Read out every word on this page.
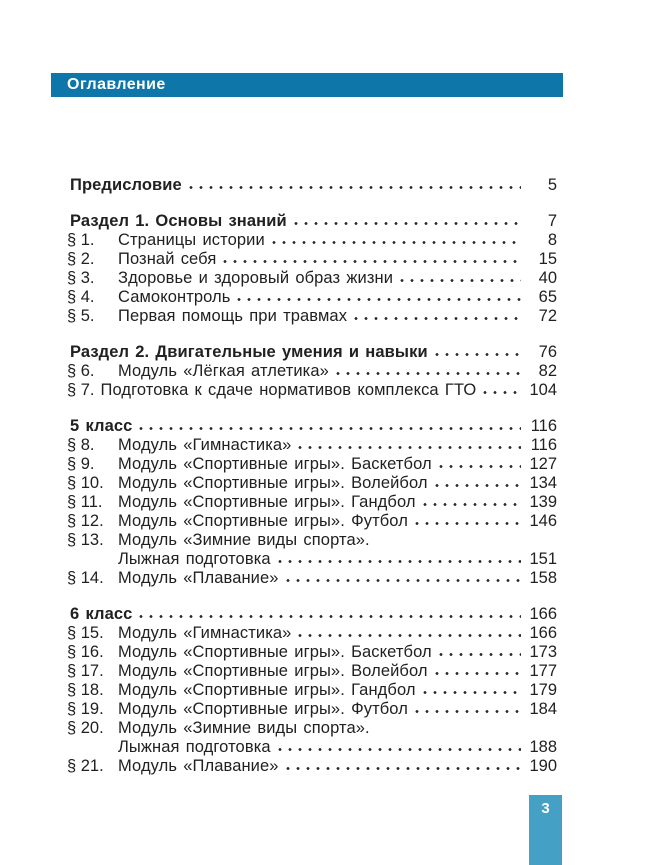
Оглавление
Предисловие	5
Раздел 1. Основы знаний	7
§ 1.	Страницы истории	8
§ 2.	Познай себя	15
§ 3.	Здоровье и здоровый образ жизни	40
§ 4.	Самоконтроль	65
§ 5.	Первая помощь при травмах	72
Раздел 2. Двигательные умения и навыки	76
§ 6.	Модуль «Лёгкая атлетика»	82
§ 7. Подготовка к сдаче нормативов комплекса ГТО	104
5 класс	116
§ 8.	Модуль «Гимнастика»	116
§ 9.	Модуль «Спортивные игры». Баскетбол	127
§ 10. Модуль «Спортивные игры». Волейбол	134
§ 11. Модуль «Спортивные игры». Гандбол	139
§ 12. Модуль «Спортивные игры». Футбол	146
§ 13. Модуль «Зимние виды спорта».
Лыжная подготовка	151
§ 14. Модуль «Плавание»	158
6 класс	166
§ 15. Модуль «Гимнастика»	166
§ 16. Модуль «Спортивные игры». Баскетбол	173
§ 17. Модуль «Спортивные игры». Волейбол	177
§ 18. Модуль «Спортивные игры». Гандбол	179
§ 19. Модуль «Спортивные игры». Футбол	184
§ 20. Модуль «Зимние виды спорта».
Лыжная подготовка	188
§ 21. Модуль «Плавание»	190
3
